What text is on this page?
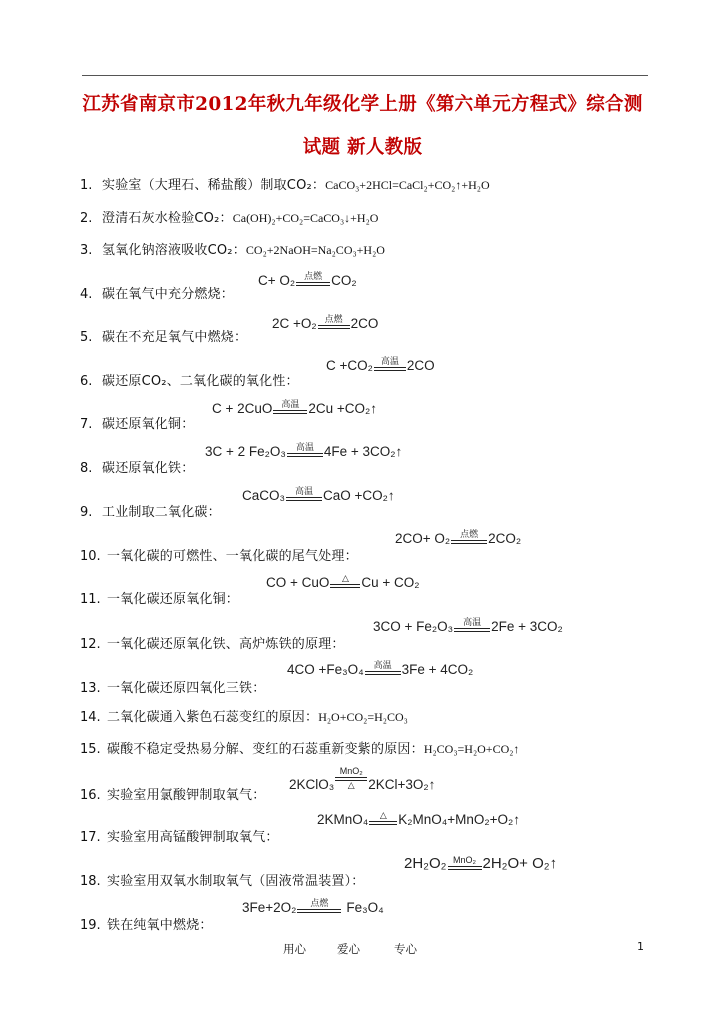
江苏省南京市2012年秋九年级化学上册《第六单元方程式》综合测
试题 新人教版
1. 实验室（大理石、稀盐酸）制取CO₂： CaCO₃+2HCl=CaCl₂+CO₂↑+H₂O
2. 澄清石灰水检验CO₂： Ca(OH)₂+CO₂=CaCO₃↓+H₂O
3. 氢氧化钠溶液吸收CO₂： CO₂+2NaOH=Na₂CO₃+H₂O
4. 碳在氧气中充分燃烧：
C+ O₂ 点燃 CO₂
5. 碳在不充足氧气中燃烧：
2C +O₂ 点燃 2CO
6. 碳还原CO₂、二氧化碳的氧化性：
C +CO₂ 高温 2CO
7. 碳还原氧化铜：
C + 2CuO 高温 2Cu +CO₂↑
8. 碳还原氧化铁：
3C + 2 Fe₂O₃ 高温 4Fe + 3CO₂↑
9. 工业制取二氧化碳：
CaCO₃ 高温 CaO +CO₂↑
10. 一氧化碳的可燃性、一氧化碳的尾气处理：
2CO+ O₂ 点燃 2CO₂
11. 一氧化碳还原氧化铜：
CO + CuO △ Cu + CO₂
12. 一氧化碳还原氧化铁、高炉炼铁的原理：
3CO + Fe₂O₃ 高温 2Fe + 3CO₂
13. 一氧化碳还原四氧化三铁：
4CO +Fe₃O₄ 高温 3Fe + 4CO₂
14. 二氧化碳通入紫色石蕊变红的原因： H₂O+CO₂=H₂CO₃
15. 碳酸不稳定受热易分解、变红的石蕊重新变紫的原因： H₂CO₃=H₂O+CO₂↑
16. 实验室用氯酸钾制取氧气：
2KClO₃
MnO₂
△ 2KCl+3O₂↑
17. 实验室用高锰酸钾制取氧气：
2KMnO₄ △ K₂MnO₄+MnO₂+O₂↑
18. 实验室用双氧水制取氧气（固液常温装置）：
2H₂O₂ MnO₂ 2H₂O+ O₂↑
19. 铁在纯氧中燃烧：
3Fe+2O₂ 点燃 Fe₃O₄
用心	爱心	专心	1
